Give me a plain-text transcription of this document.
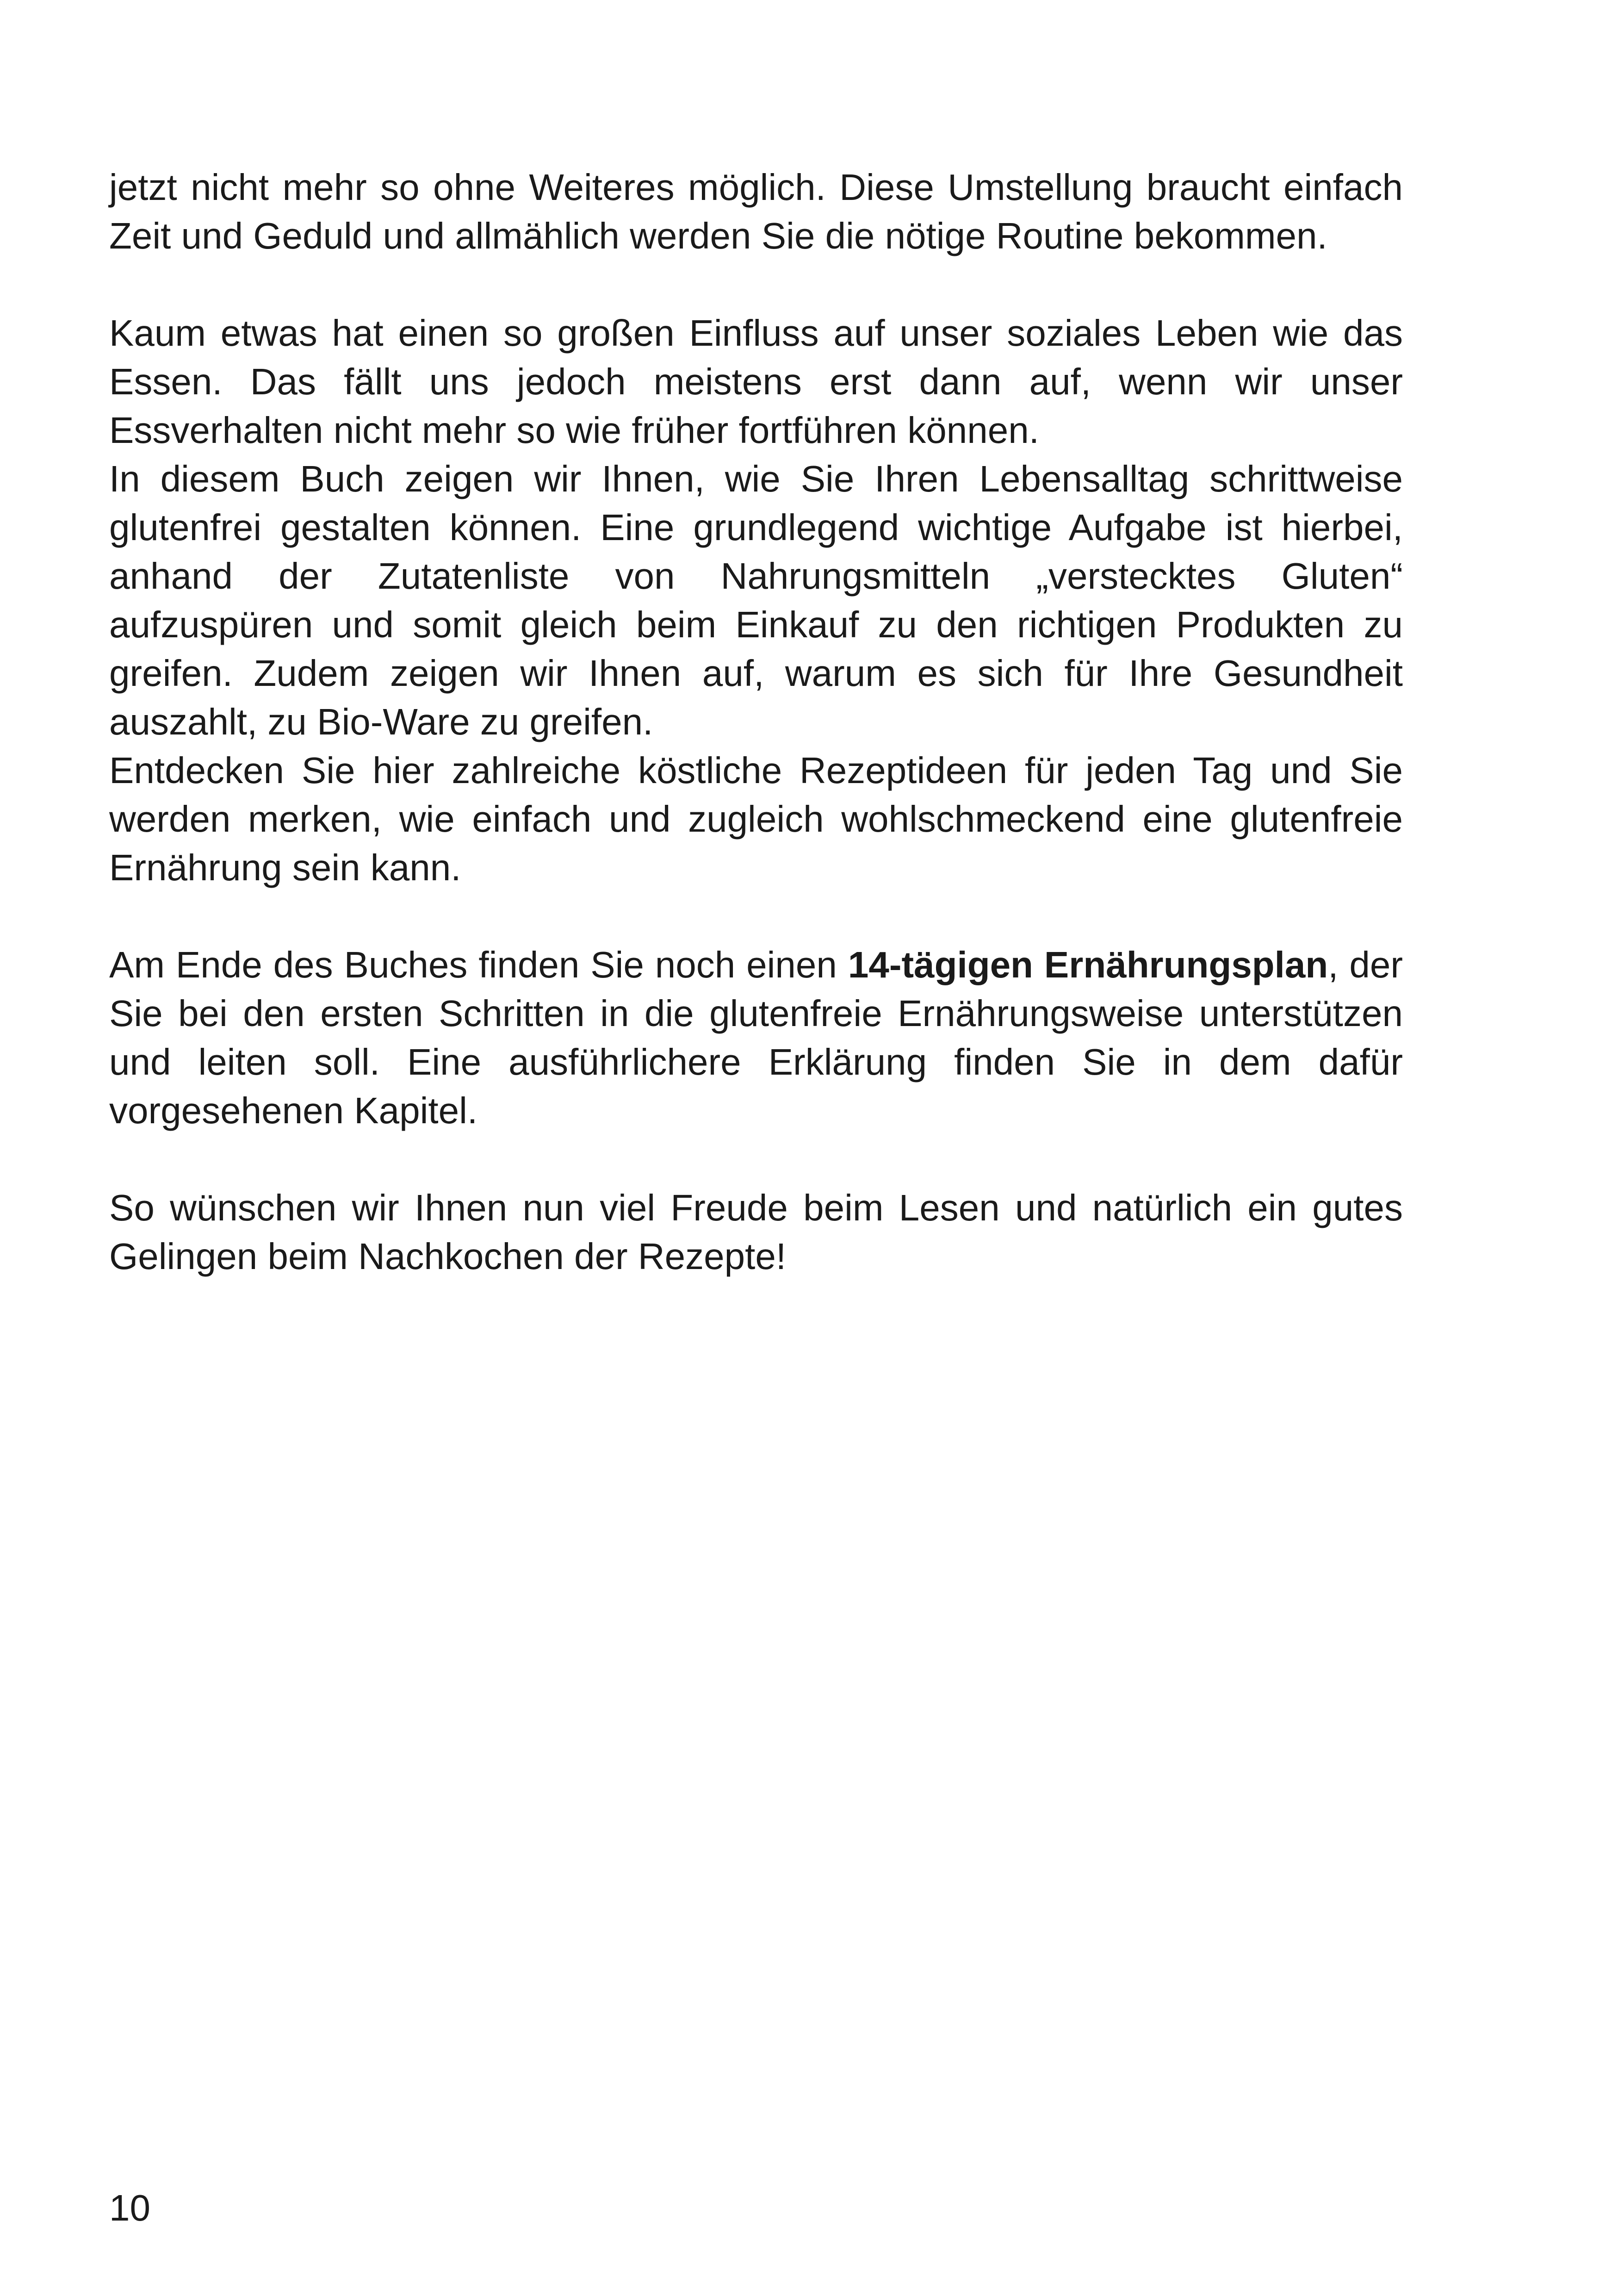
jetzt nicht mehr so ohne Weiteres möglich. Diese Umstellung braucht einfach Zeit und Geduld und allmählich werden Sie die nötige Routine bekommen.

Kaum etwas hat einen so großen Einfluss auf unser soziales Leben wie das Essen. Das fällt uns jedoch meistens erst dann auf, wenn wir unser Essverhalten nicht mehr so wie früher fortführen können.

In diesem Buch zeigen wir Ihnen, wie Sie Ihren Lebensalltag schrittweise glutenfrei gestalten können. Eine grundlegend wichtige Aufgabe ist hierbei, anhand der Zutatenliste von Nahrungsmitteln „verstecktes Gluten“ aufzuspüren und somit gleich beim Einkauf zu den richtigen Produkten zu greifen. Zudem zeigen wir Ihnen auf, warum es sich für Ihre Gesundheit auszahlt, zu Bio-Ware zu greifen.

Entdecken Sie hier zahlreiche köstliche Rezeptideen für jeden Tag und Sie werden merken, wie einfach und zugleich wohlschmeckend eine glutenfreie Ernährung sein kann.

Am Ende des Buches finden Sie noch einen 14-tägigen Ernährungsplan, der Sie bei den ersten Schritten in die glutenfreie Ernährungsweise unterstützen und leiten soll. Eine ausführlichere Erklärung finden Sie in dem dafür vorgesehenen Kapitel.

So wünschen wir Ihnen nun viel Freude beim Lesen und natürlich ein gutes Gelingen beim Nachkochen der Rezepte!

10
